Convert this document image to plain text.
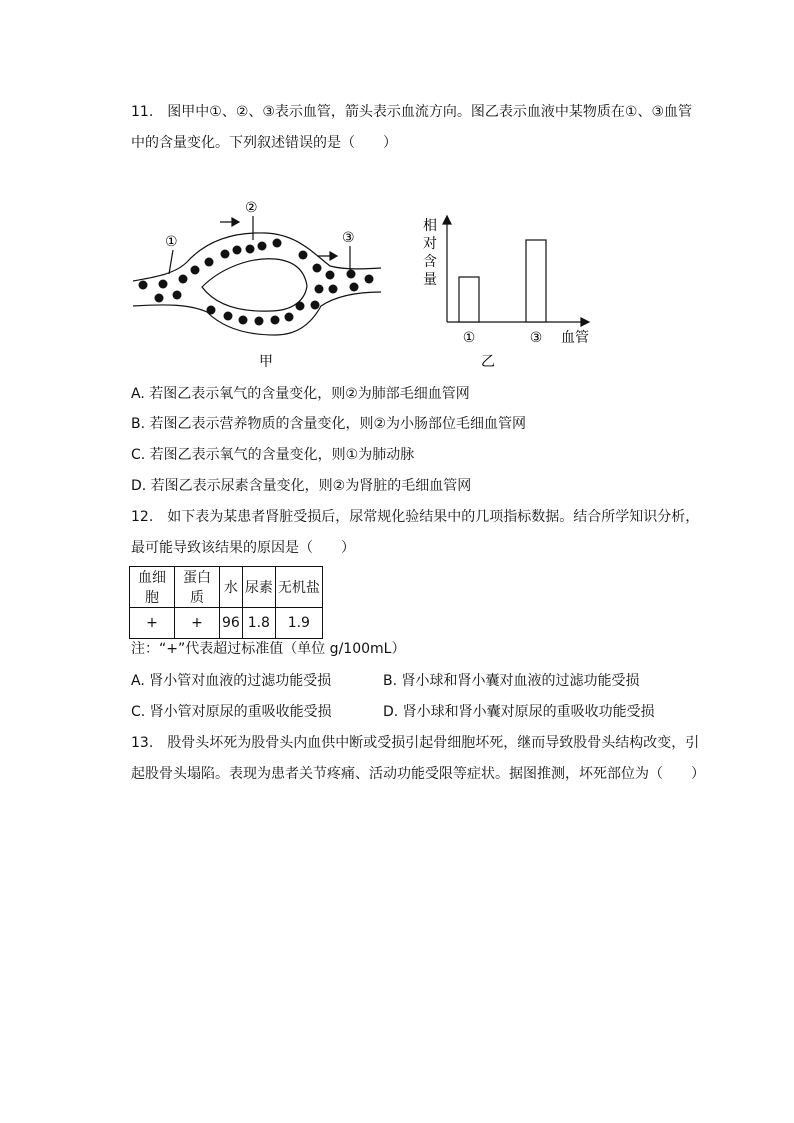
11.　图甲中①、②、③表示血管，箭头表示血流方向。图乙表示血液中某物质在①、③血管
中的含量变化。下列叙述错误的是（　　）
①
②
③
甲
相
对
含
量
①	③ 血管
乙
A. 若图乙表示氧气的含量变化，则②为肺部毛细血管网
B. 若图乙表示营养物质的含量变化，则②为小肠部位毛细血管网
C. 若图乙表示氧气的含量变化，则①为肺动脉
D. 若图乙表示尿素含量变化，则②为肾脏的毛细血管网
12.　如下表为某患者肾脏受损后，尿常规化验结果中的几项指标数据。结合所学知识分析，
最可能导致该结果的原因是（　　）
血细胞	蛋白质	水	尿素	无机盐
+	+	96	1.8	1.9
注：“+”代表超过标准值（单位 g/100mL）
A. 肾小管对血液的过滤功能受损	B. 肾小球和肾小囊对血液的过滤功能受损
C. 肾小管对原尿的重吸收能受损	D. 肾小球和肾小囊对原尿的重吸收功能受损
13.　股骨头坏死为股骨头内血供中断或受损引起骨细胞坏死，继而导致股骨头结构改变，引
起股骨头塌陷。表现为患者关节疼痛、活动功能受限等症状。据图推测，坏死部位为（　　）
